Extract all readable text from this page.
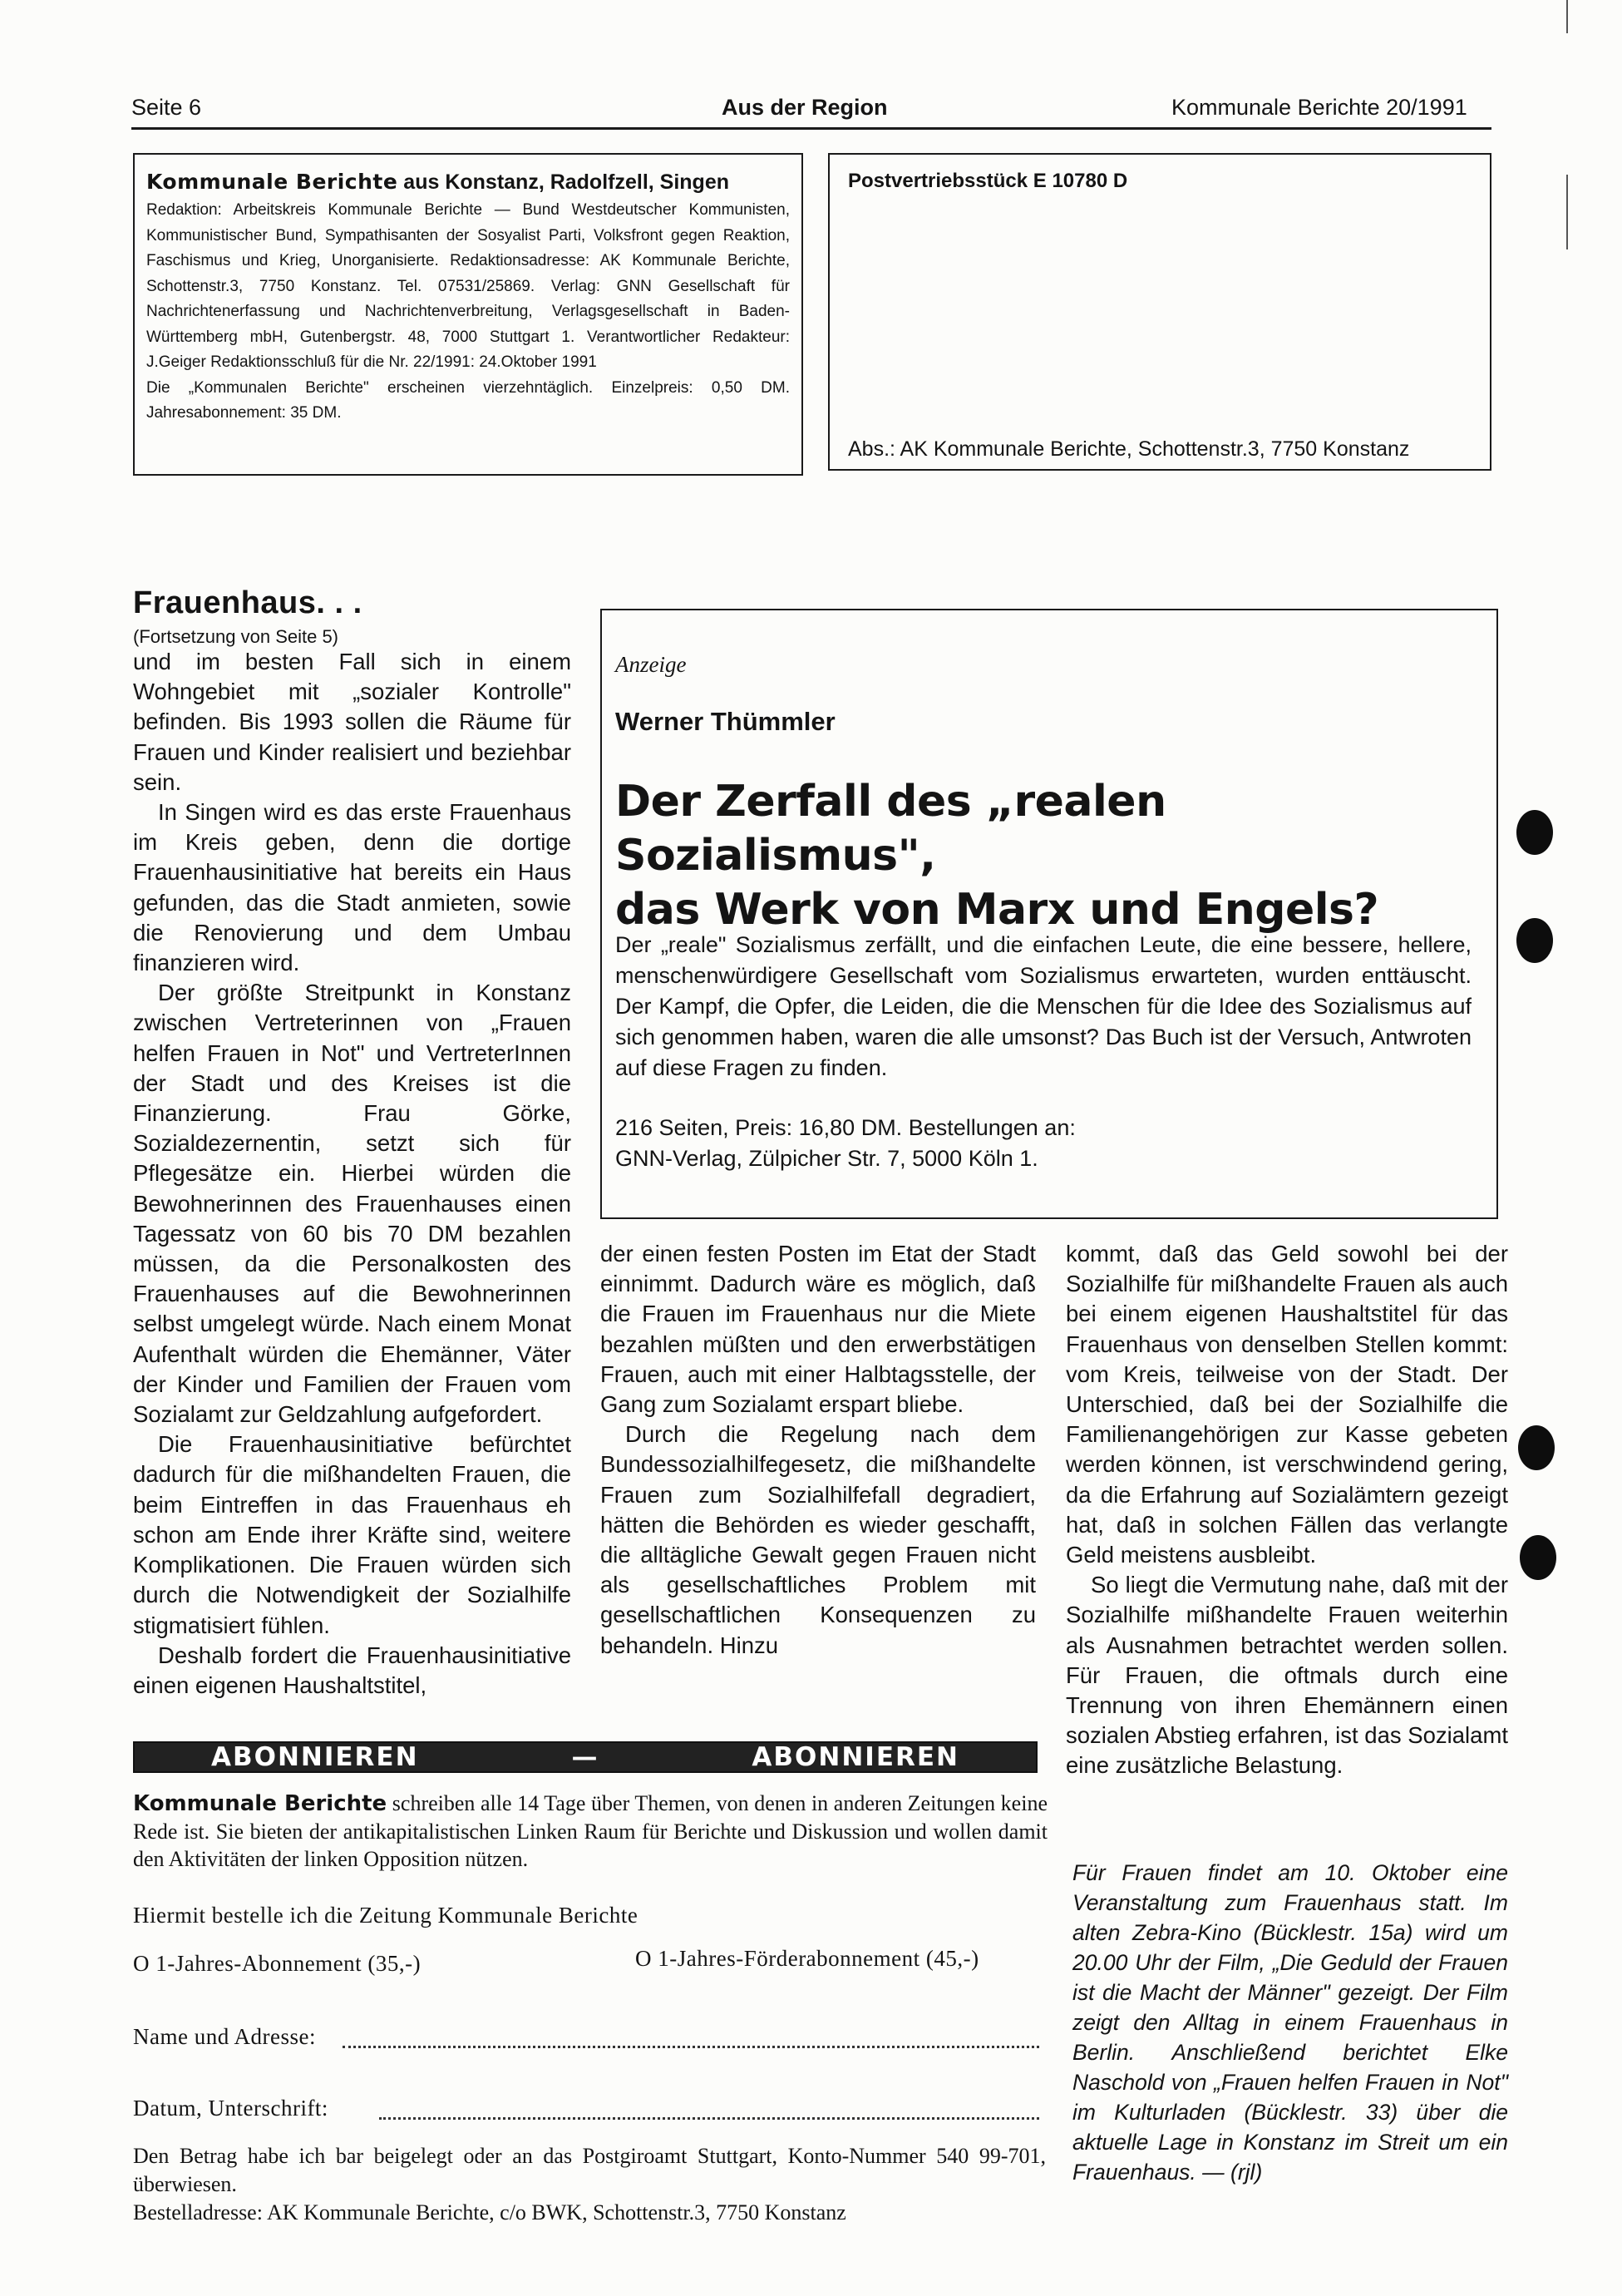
Seite 6	Aus der Region	Kommunale Berichte 20/1991
Kommunale Berichte aus Konstanz, Radolfzell, Singen

Redaktion: Arbeitskreis Kommunale Berichte — Bund Westdeutscher Kommunisten, Kommunistischer Bund, Sympathisanten der Sosyalist Parti, Volksfront gegen Reaktion, Faschismus und Krieg, Unorganisierte. Redaktionsadresse: AK Kommunale Berichte, Schottenstr.3, 7750 Konstanz. Tel. 07531/25869. Verlag: GNN Gesellschaft für Nachrichtenerfassung und Nachrichtenverbreitung, Verlagsgesellschaft in Baden-Württemberg mbH, Gutenbergstr. 48, 7000 Stuttgart 1. Verantwortlicher Redakteur: J.Geiger Redaktionsschluß für die Nr. 22/1991: 24.Oktober 1991

Die „Kommunalen Berichte" erscheinen vierzehntäglich. Einzelpreis: 0,50 DM. Jahresabonnement: 35 DM.

Postvertriebsstück E 10780 D
Abs.: AK Kommunale Berichte, Schottenstr.3, 7750 Konstanz
Frauenhaus. . .
(Fortsetzung von Seite 5)

und im besten Fall sich in einem Wohngebiet mit „sozialer Kontrolle" befinden. Bis 1993 sollen die Räume für Frauen und Kinder realisiert und beziehbar sein.

In Singen wird es das erste Frauenhaus im Kreis geben, denn die dortige Frauenhausinitiative hat bereits ein Haus gefunden, das die Stadt anmieten, sowie die Renovierung und dem Umbau finanzieren wird.

Der größte Streitpunkt in Konstanz zwischen Vertreterinnen von „Frauen helfen Frauen in Not" und VertreterInnen der Stadt und des Kreises ist die Finanzierung. Frau Görke, Sozialdezernentin, setzt sich für Pflegesätze ein. Hierbei würden die Bewohnerinnen des Frauenhauses einen Tagessatz von 60 bis 70 DM bezahlen müssen, da die Personalkosten des Frauenhauses auf die Bewohnerinnen selbst umgelegt würde. Nach einem Monat Aufenthalt würden die Ehemänner, Väter der Kinder und Familien der Frauen vom Sozialamt zur Geldzahlung aufgefordert.

Die Frauenhausinitiative befürchtet dadurch für die mißhandelten Frauen, die beim Eintreffen in das Frauenhaus eh schon am Ende ihrer Kräfte sind, weitere Komplikationen. Die Frauen würden sich durch die Notwendigkeit der Sozialhilfe stigmatisiert fühlen.

Deshalb fordert die Frauenhausinitiative einen eigenen Haushaltstitel,

Anzeige
Werner Thümmler
Der Zerfall des „realen Sozialismus",
das Werk von Marx und Engels?

Der „reale" Sozialismus zerfällt, und die einfachen Leute, die eine bessere, hellere, menschenwürdigere Gesellschaft vom Sozialismus erwarteten, wurden enttäuscht. Der Kampf, die Opfer, die Leiden, die die Menschen für die Idee des Sozialismus auf sich genommen haben, waren die alle umsonst? Das Buch ist der Versuch, Antwroten auf diese Fragen zu finden.

216 Seiten, Preis: 16,80 DM. Bestellungen an:

GNN-Verlag, Zülpicher Str. 7, 5000 Köln 1.

der einen festen Posten im Etat der Stadt einnimmt. Dadurch wäre es möglich, daß die Frauen im Frauenhaus nur die Miete bezahlen müßten und den erwerbstätigen Frauen, auch mit einer Halbtagsstelle, der Gang zum Sozialamt erspart bliebe.

Durch die Regelung nach dem Bundessozialhilfegesetz, die mißhandelte Frauen zum Sozialhilfefall degradiert, hätten die Behörden es wieder geschafft, die alltägliche Gewalt gegen Frauen nicht als gesellschaftliches Problem mit gesellschaftlichen Konsequenzen zu behandeln. Hinzu

kommt, daß das Geld sowohl bei der Sozialhilfe für mißhandelte Frauen als auch bei einem eigenen Haushaltstitel für das Frauenhaus von denselben Stellen kommt: vom Kreis, teilweise von der Stadt. Der Unterschied, daß bei der Sozialhilfe die Familienangehörigen zur Kasse gebeten werden können, ist verschwindend gering, da die Erfahrung auf Sozialämtern gezeigt hat, daß in solchen Fällen das verlangte Geld meistens ausbleibt.

So liegt die Vermutung nahe, daß mit der Sozialhilfe mißhandelte Frauen weiterhin als Ausnahmen betrachtet werden sollen. Für Frauen, die oftmals durch eine Trennung von ihren Ehemännern einen sozialen Abstieg erfahren, ist das Sozialamt eine zusätzliche Belastung.

Für Frauen findet am 10. Oktober eine Veranstaltung zum Frauenhaus statt. Im alten Zebra-Kino (Bücklestr. 15a) wird um 20.00 Uhr der Film, „Die Geduld der Frauen ist die Macht der Männer" gezeigt. Der Film zeigt den Alltag in einem Frauenhaus in Berlin. Anschließend berichtet Elke Naschold von „Frauen helfen Frauen in Not" im Kulturladen (Bücklestr. 33) über die aktuelle Lage in Konstanz im Streit um ein Frauenhaus. — (rjl)
ABONNIEREN	—	ABONNIEREN
Kommunale Berichte schreiben alle 14 Tage über Themen, von denen in anderen Zeitungen keine Rede ist. Sie bieten der antikapitalistischen Linken Raum für Berichte und Diskussion und wollen damit den Aktivitäten der linken Opposition nützen.
Hiermit bestelle ich die Zeitung Kommunale Berichte
O 1-Jahres-Abonnement (35,-)	O 1-Jahres-Förderabonnement (45,-)
Name und Adresse:
Datum, Unterschrift:
Den Betrag habe ich bar beigelegt oder an das Postgiroamt Stuttgart, Konto-Nummer 540 99-701, überwiesen.
Bestelladresse: AK Kommunale Berichte, c/o BWK, Schottenstr.3, 7750 Konstanz
